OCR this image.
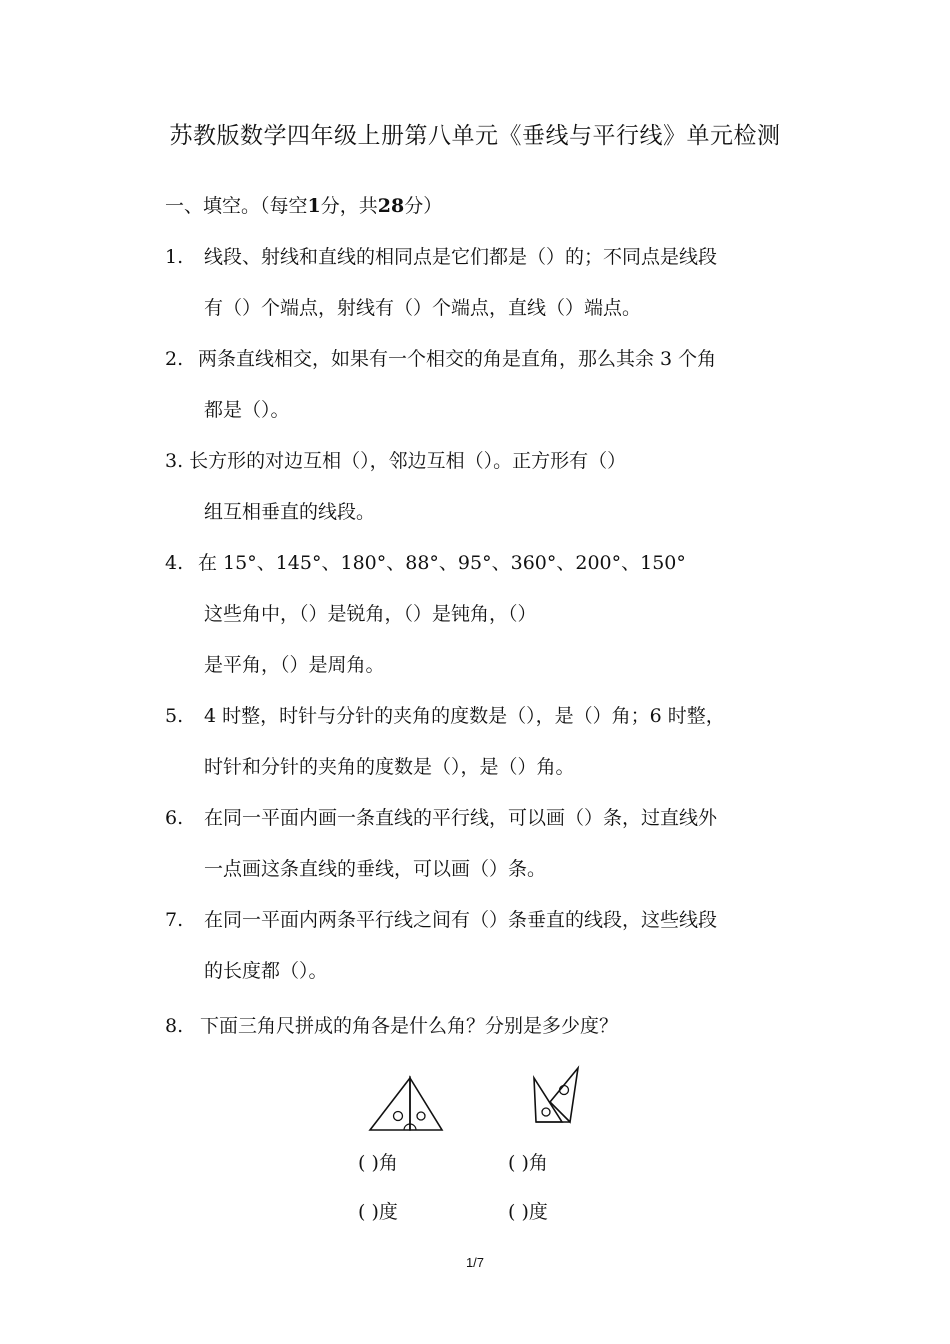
苏教版数学四年级上册第八单元《垂线与平行线》单元检测
一、填空。（每空1分，共28分）
1. 线段、射线和直线的相同点是它们都是（）的；不同点是线段
有（）个端点，射线有（）个端点，直线（）端点。
2. 两条直线相交，如果有一个相交的角是直角，那么其余 3 个角
都是（）。
3. 长方形的对边互相（），邻边互相（）。正方形有（）
组互相垂直的线段。
4. 在 15°、145°、180°、88°、95°、360°、200°、150°
这些角中，（）是锐角，（）是钝角，（）
是平角，（）是周角。
5. 4 时整，时针与分针的夹角的度数是（），是（）角；6 时整，
时针和分针的夹角的度数是（），是（）角。
6. 在同一平面内画一条直线的平行线，可以画（）条，过直线外
一点画这条直线的垂线，可以画（）条。
7. 在同一平面内两条平行线之间有（）条垂直的线段，这些线段
的长度都（）。
8. 下面三角尺拼成的角各是什么角？分别是多少度？
( )角	( )角
( )度	( )度
1/7
